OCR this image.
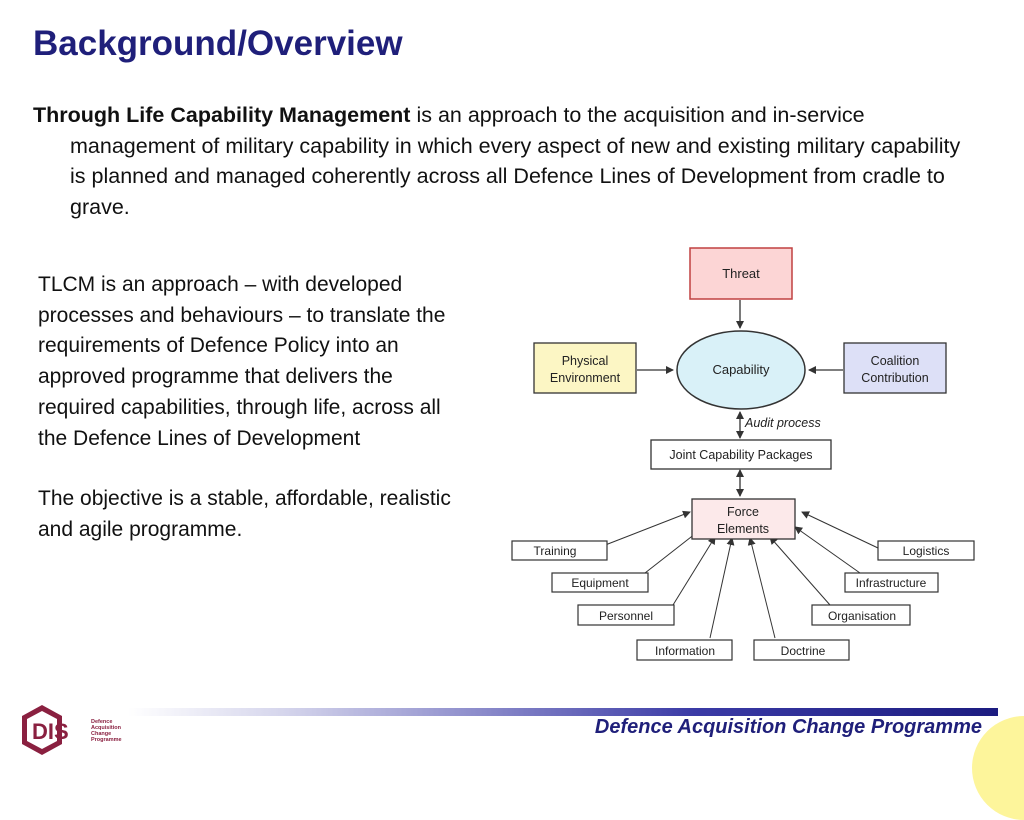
Background/Overview

Through Life Capability Management is an approach to the acquisition and in-service management of military capability in which every aspect of new and existing military capability is planned and managed coherently across all Defence Lines of Development from cradle to grave.

TLCM is an approach – with developed processes and behaviours – to translate the requirements of Defence Policy into an approved programme that delivers the required capabilities, through life, across all the Defence Lines of Development

The objective is a stable, affordable, realistic and agile programme.

Threat
Capability
Physical
Environment
Coalition
Contribution
Audit process
Joint Capability Packages
Force
Elements
Training
Equipment
Personnel
Information	Doctrine
Organisation
Infrastructure
Logistics
Defence Acquisition Change Programme
DIS	Defence
Acquisition
Change
Programme
